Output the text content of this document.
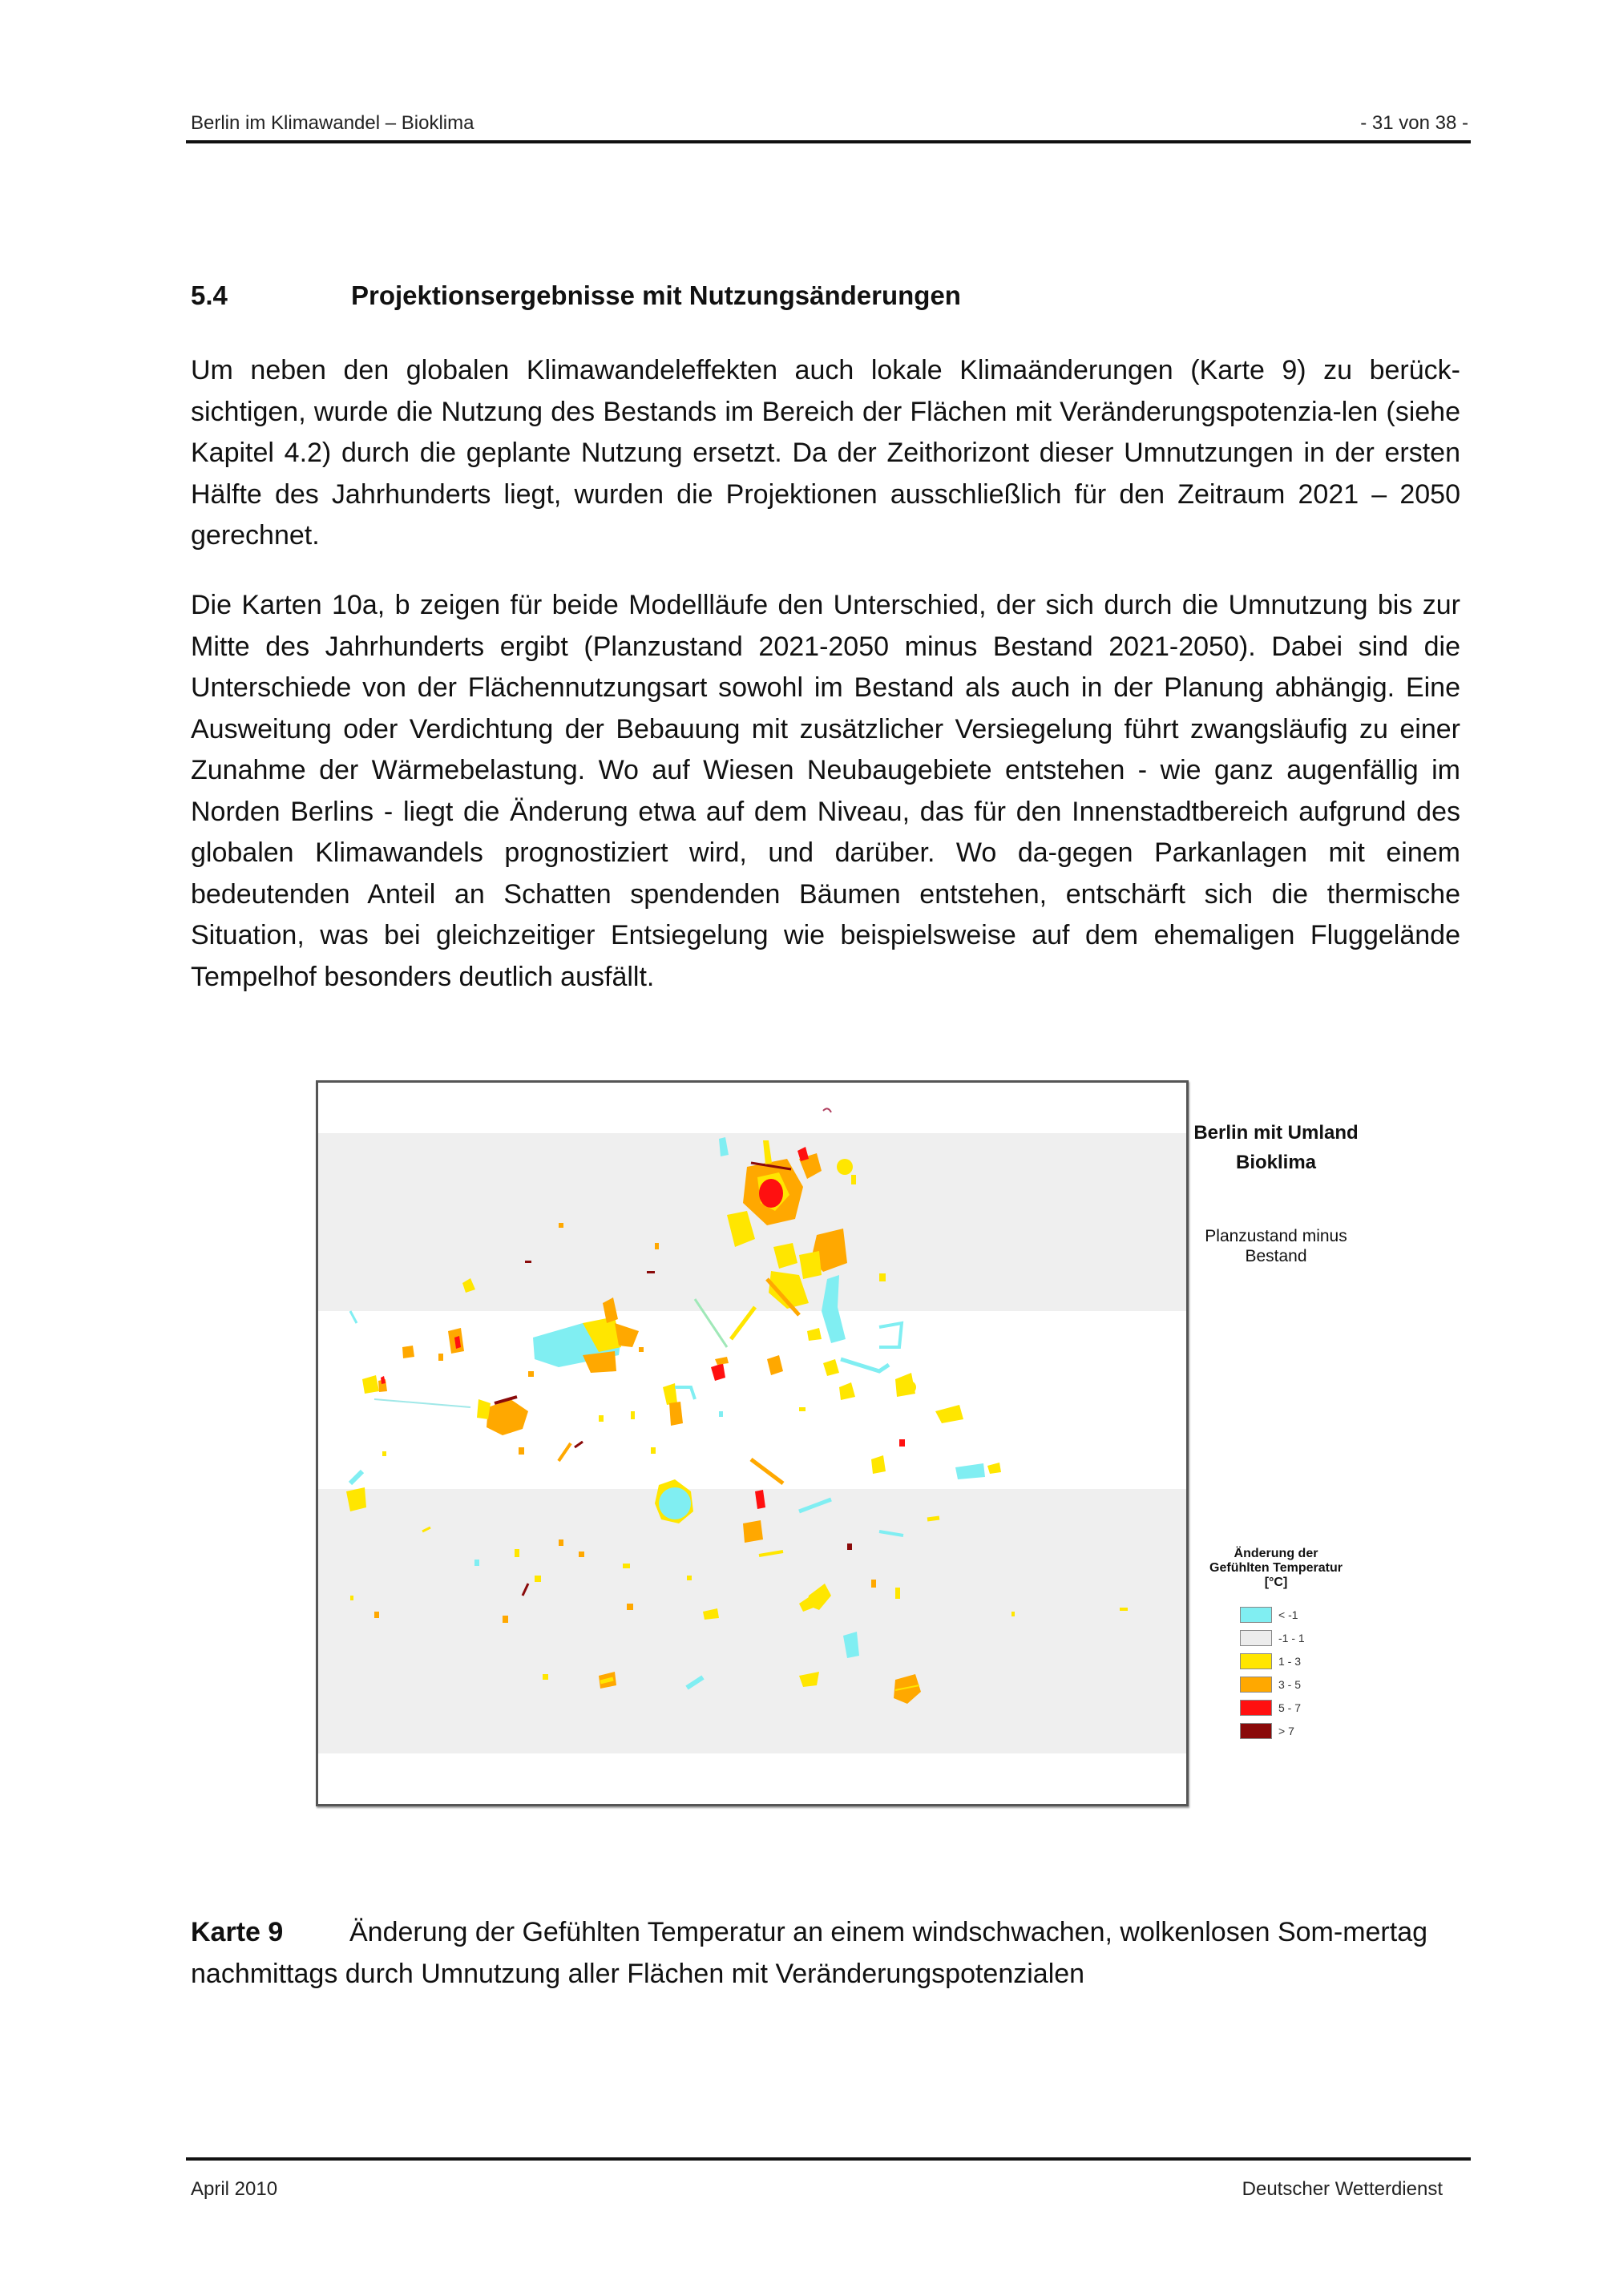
Berlin im Klimawandel – Bioklima	- 31 von 38 -
5.4	Projektionsergebnisse mit Nutzungsänderungen

Um neben den globalen Klimawandeleffekten auch lokale Klimaänderungen (Karte 9) zu berück-sichtigen, wurde die Nutzung des Bestands im Bereich der Flächen mit Veränderungspotenzia-len (siehe Kapitel 4.2) durch die geplante Nutzung ersetzt. Da der Zeithorizont dieser Umnutzungen in der ersten Hälfte des Jahrhunderts liegt, wurden die Projektionen ausschließlich für den Zeitraum 2021 – 2050 gerechnet.

Die Karten 10a, b zeigen für beide Modellläufe den Unterschied, der sich durch die Umnutzung bis zur Mitte des Jahrhunderts ergibt (Planzustand 2021-2050 minus Bestand 2021-2050). Dabei sind die Unterschiede von der Flächennutzungsart sowohl im Bestand als auch in der Planung abhängig. Eine Ausweitung oder Verdichtung der Bebauung mit zusätzlicher Versiegelung führt zwangsläufig zu einer Zunahme der Wärmebelastung. Wo auf Wiesen Neubaugebiete entstehen - wie ganz augenfällig im Norden Berlins - liegt die Änderung etwa auf dem Niveau, das für den Innenstadtbereich aufgrund des globalen Klimawandels prognostiziert wird, und darüber. Wo da-gegen Parkanlagen mit einem bedeutenden Anteil an Schatten spendenden Bäumen entstehen, entschärft sich die thermische Situation, was bei gleichzeitiger Entsiegelung wie beispielsweise auf dem ehemaligen Fluggelände Tempelhof besonders deutlich ausfällt.

Berlin mit Umland
Bioklima
Planzustand minus
Bestand
Änderung der
Gefühlten Temperatur
[°C]
< -1
-1 - 1
1 - 3
3 - 5
5 - 7
> 7
Karte 9 Änderung der Gefühlten Temperatur an einem windschwachen, wolkenlosen Som-mertag nachmittags durch Umnutzung aller Flächen mit Veränderungspotenzialen
April 2010	Deutscher Wetterdienst
